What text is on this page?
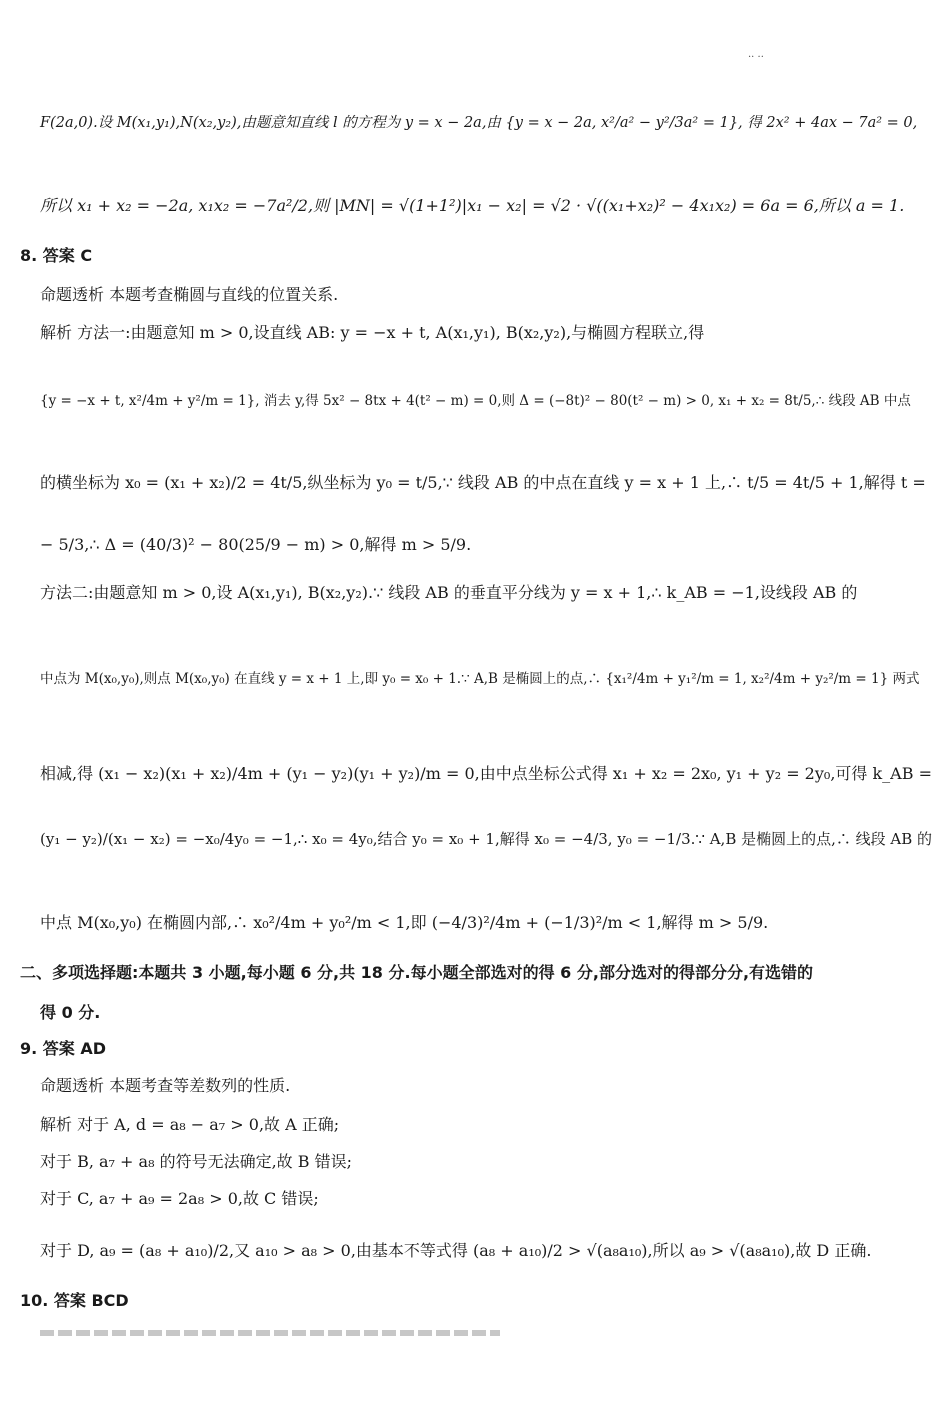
·· ··
F(2a,0).设 M(x₁,y₁),N(x₂,y₂),由题意知直线 l 的方程为 y = x − 2a,由 {y = x − 2a, x²/a² − y²/3a² = 1}, 得 2x² + 4ax − 7a² = 0,
所以 x₁ + x₂ = −2a, x₁x₂ = −7a²/2,则 |MN| = √(1+1²)|x₁ − x₂| = √2 · √((x₁+x₂)² − 4x₁x₂) = 6a = 6,所以 a = 1.
8. 答案 C
命题透析 本题考查椭圆与直线的位置关系.
解析 方法一:由题意知 m > 0,设直线 AB: y = −x + t, A(x₁,y₁), B(x₂,y₂),与椭圆方程联立,得
{y = −x + t, x²/4m + y²/m = 1}, 消去 y,得 5x² − 8tx + 4(t² − m) = 0,则 Δ = (−8t)² − 80(t² − m) > 0, x₁ + x₂ = 8t/5,∴ 线段 AB 中点
的横坐标为 x₀ = (x₁ + x₂)/2 = 4t/5,纵坐标为 y₀ = t/5,∵ 线段 AB 的中点在直线 y = x + 1 上,∴ t/5 = 4t/5 + 1,解得 t =
− 5/3,∴ Δ = (40/3)² − 80(25/9 − m) > 0,解得 m > 5/9.
方法二:由题意知 m > 0,设 A(x₁,y₁), B(x₂,y₂).∵ 线段 AB 的垂直平分线为 y = x + 1,∴ k_AB = −1,设线段 AB 的
中点为 M(x₀,y₀),则点 M(x₀,y₀) 在直线 y = x + 1 上,即 y₀ = x₀ + 1.∵ A,B 是椭圆上的点,∴ {x₁²/4m + y₁²/m = 1, x₂²/4m + y₂²/m = 1} 两式
相减,得 (x₁ − x₂)(x₁ + x₂)/4m + (y₁ − y₂)(y₁ + y₂)/m = 0,由中点坐标公式得 x₁ + x₂ = 2x₀, y₁ + y₂ = 2y₀,可得 k_AB =
(y₁ − y₂)/(x₁ − x₂) = −x₀/4y₀ = −1,∴ x₀ = 4y₀,结合 y₀ = x₀ + 1,解得 x₀ = −4/3, y₀ = −1/3.∵ A,B 是椭圆上的点,∴ 线段 AB 的
中点 M(x₀,y₀) 在椭圆内部,∴ x₀²/4m + y₀²/m < 1,即 (−4/3)²/4m + (−1/3)²/m < 1,解得 m > 5/9.
二、多项选择题:本题共 3 小题,每小题 6 分,共 18 分.每小题全部选对的得 6 分,部分选对的得部分分,有选错的
得 0 分.
9. 答案 AD
命题透析 本题考查等差数列的性质.
解析 对于 A, d = a₈ − a₇ > 0,故 A 正确;
对于 B, a₇ + a₈ 的符号无法确定,故 B 错误;
对于 C, a₇ + a₉ = 2a₈ > 0,故 C 错误;
对于 D, a₉ = (a₈ + a₁₀)/2,又 a₁₀ > a₈ > 0,由基本不等式得 (a₈ + a₁₀)/2 > √(a₈a₁₀),所以 a₉ > √(a₈a₁₀),故 D 正确.
10. 答案 BCD
